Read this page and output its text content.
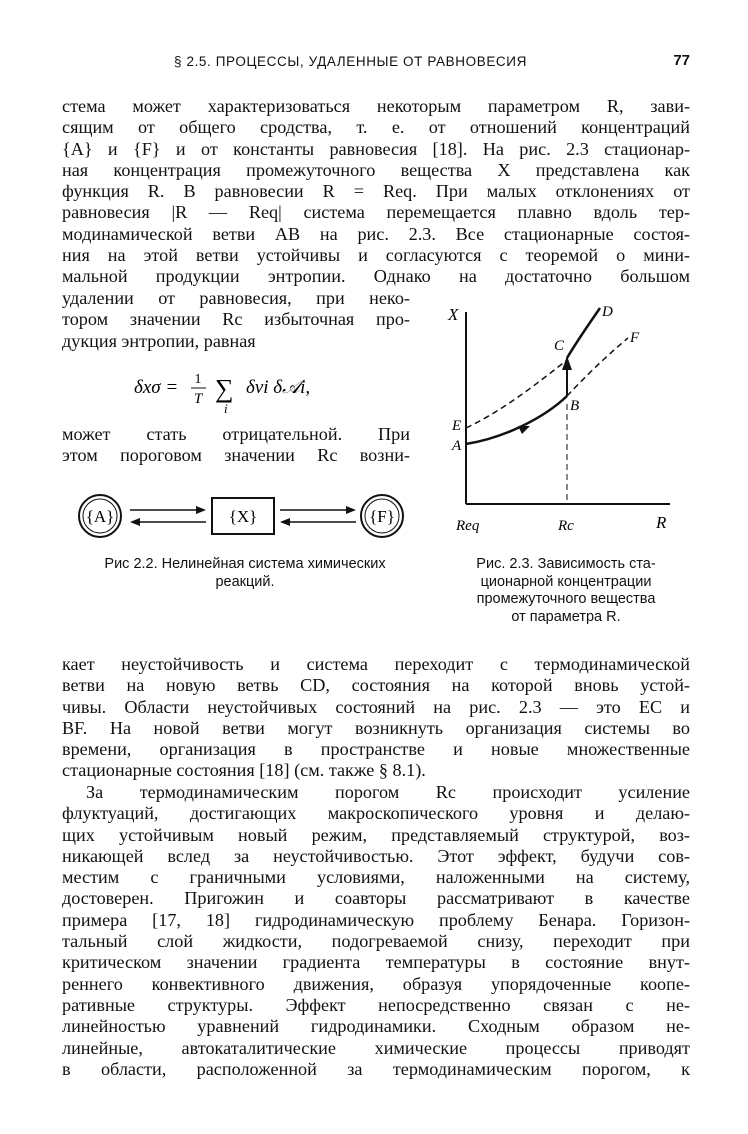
§ 2.5. ПРОЦЕССЫ, УДАЛЕННЫЕ ОТ РАВНОВЕСИЯ	77
стема может характеризоваться некоторым параметром R, зави-
сящим от общего сродства, т. е. от отношений концентраций
{A} и {F} и от константы равновесия [18]. На рис. 2.3 стационар-
ная концентрация промежуточного вещества X представлена как
функция R. В равновесии R = Req. При малых отклонениях от
равновесия |R — Req| система перемещается плавно вдоль тер-
модинамической ветви AB на рис. 2.3. Все стационарные состоя-
ния на этой ветви устойчивы и согласуются с теоремой о мини-
мальной продукции энтропии. Однако на достаточно большом
удалении от равновесия, при неко-
тором значении Rc избыточная про-
дукция энтропии, равная
δxσ = 1
T ∑
i
δvi δ𝒜i,
может стать отрицательной. При
этом пороговом значении Rc возни-
{A}	{X}	{F}
X
R
Req	Rc
A
E
B
C
D
F
Рис 2.2. Нелинейная система химических
реакций.
Рис. 2.3. Зависимость ста-
ционарной концентрации
промежуточного вещества
от параметра R.
кает неустойчивость и система переходит с термодинамической
ветви на новую ветвь CD, состояния на которой вновь устой-
чивы. Области неустойчивых состояний на рис. 2.3 — это EC и
BF. На новой ветви могут возникнуть организация системы во
времени, организация в пространстве и новые множественные
стационарные состояния [18] (см. также § 8.1).
За термодинамическим порогом Rc происходит усиление
флуктуаций, достигающих макроскопического уровня и делаю-
щих устойчивым новый режим, представляемый структурой, воз-
никающей вслед за неустойчивостью. Этот эффект, будучи сов-
местим с граничными условиями, наложенными на систему,
достоверен. Пригожин и соавторы рассматривают в качестве
примера [17, 18] гидродинамическую проблему Бенара. Горизон-
тальный слой жидкости, подогреваемой снизу, переходит при
критическом значении градиента температуры в состояние внут-
реннего конвективного движения, образуя упорядоченные коопе-
ративные структуры. Эффект непосредственно связан с не-
линейностью уравнений гидродинамики. Сходным образом не-
линейные, автокаталитические химические процессы приводят
в области, расположенной за термодинамическим порогом, к
